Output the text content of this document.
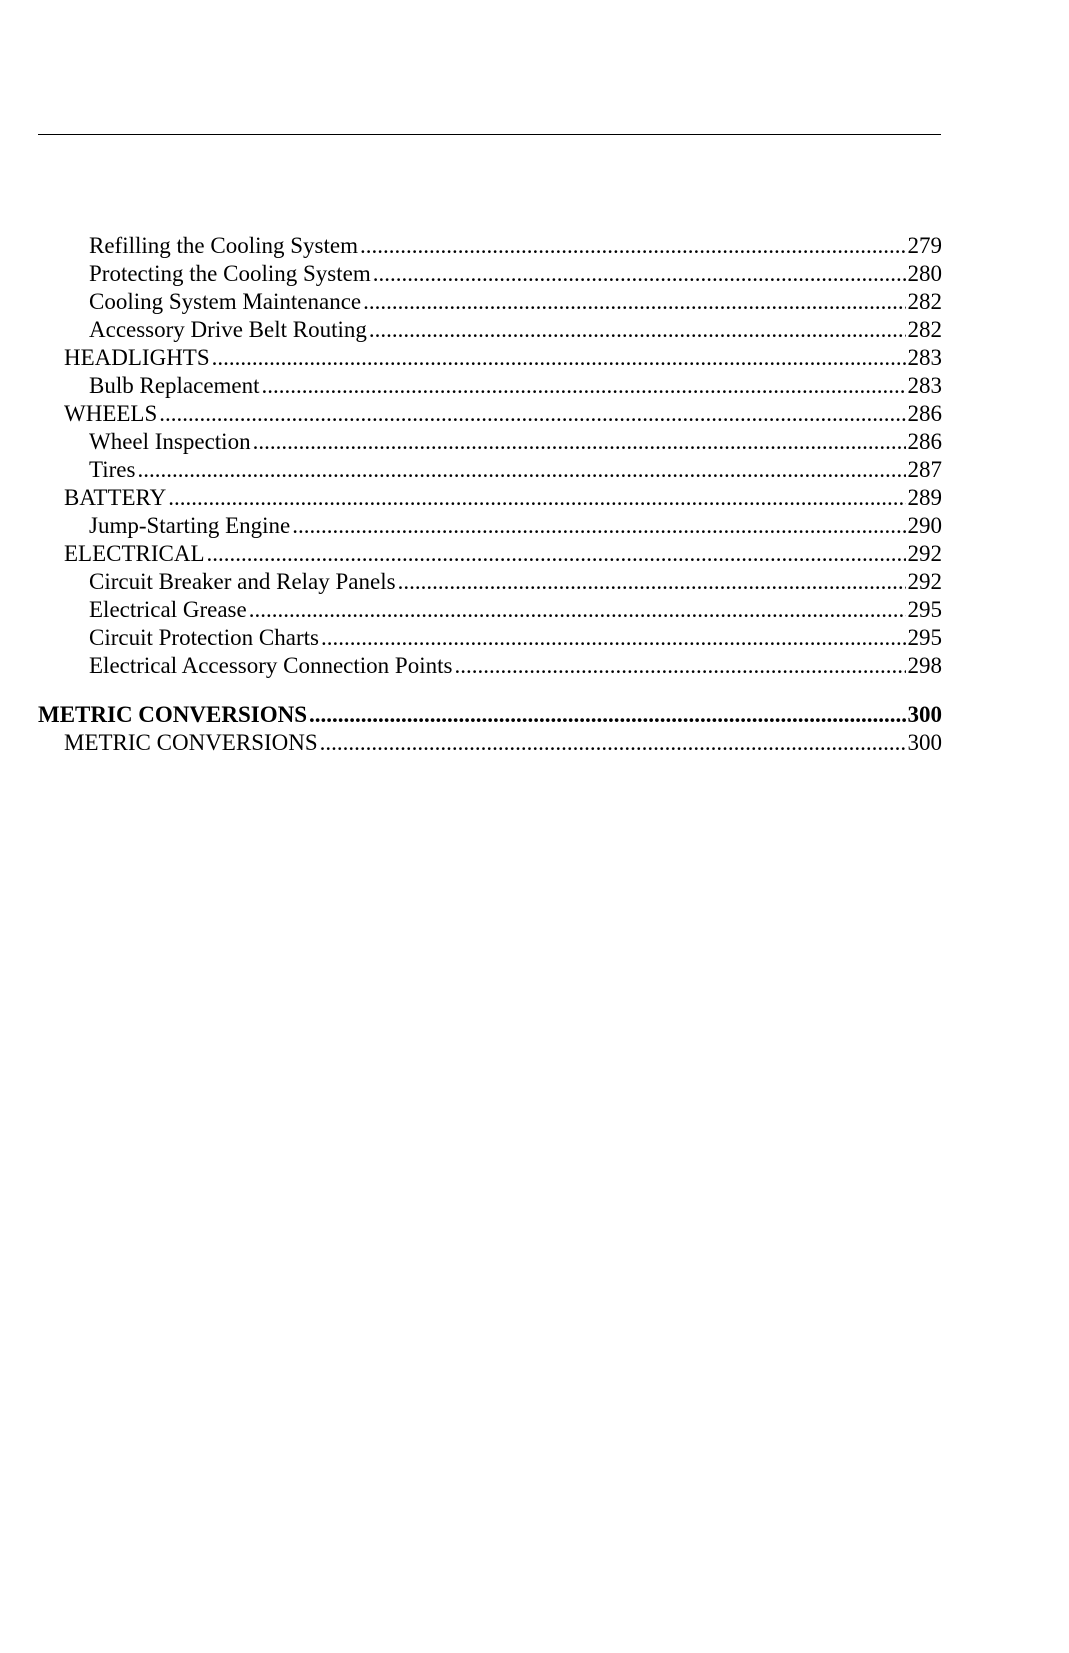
Refilling the Cooling System .....	279
Protecting the Cooling System .....	280
Cooling System Maintenance .....	282
Accessory Drive Belt Routing .....	282
HEADLIGHTS .....	283
Bulb Replacement .....	283
WHEELS .....	286
Wheel Inspection .....	286
Tires .....	287
BATTERY .....	289
Jump-Starting Engine .....	290
ELECTRICAL .....	292
Circuit Breaker and Relay Panels .....	292
Electrical Grease .....	295
Circuit Protection Charts .....	295
Electrical Accessory Connection Points .....	298
METRIC CONVERSIONS .....	300
METRIC CONVERSIONS .....	300
